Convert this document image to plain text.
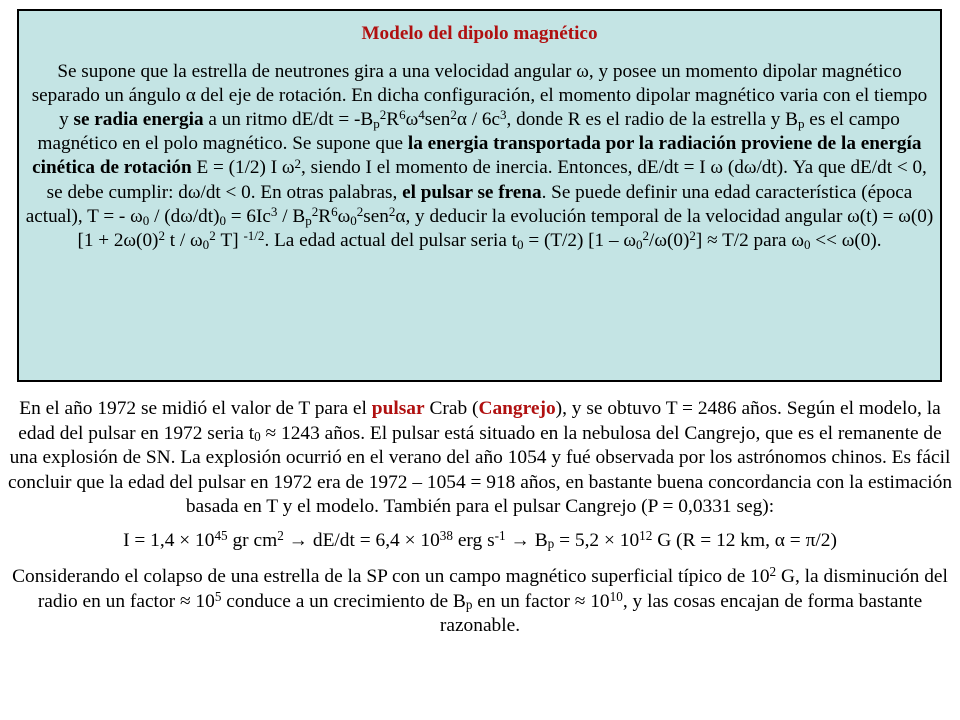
Modelo del dipolo magnético

Se supone que la estrella de neutrones gira a una velocidad angular ω, y posee un momento dipolar magnético separado un ángulo α del eje de rotación. En dicha configuración, el momento dipolar magnético varia con el tiempo y se radia energia a un ritmo $dE/dt = -B_p^2R^6\omega^4sen^2\alpha / 6c^3$, donde R es el radio de la estrella y $B_p$ es el campo magnético en el polo magnético. Se supone que la energia transportada por la radiación proviene de la energía cinética de rotación E = (1/2) I $\omega^2$, siendo I el momento de inercia. Entonces, dE/dt = I ω (dω/dt). Ya que dE/dt < 0, se debe cumplir: dω/dt < 0. En otras palabras, el pulsar se frena. Se puede definir una edad característica (época actual), T = - $\omega_0 / (d\omega/dt)_0 = 6Ic^3 / B_p^2R^6\omega_0^2sen^2\alpha$, y deducir la evolución temporal de la velocidad angular ω(t) = ω(0) [$1 + 2\omega(0)^2$ t / $\omega_0^2$ T] $^{-1/2}$. La edad actual del pulsar seria $t_0 = (T/2)$ $[1 - \omega_0^2/\omega(0)^2] \approx T/2$ para $\omega_0 << \omega(0)$.

En el año 1972 se midió el valor de T para el pulsar Crab (Cangrejo), y se obtuvo T = 2486 años. Según el modelo, la edad del pulsar en 1972 seria $t_0 \approx 1243$ años. El pulsar está situado en la nebulosa del Cangrejo, que es el remanente de una explosión de SN. La explosión ocurrió en el verano del año 1054 y fué observada por los astrónomos chinos. Es fácil concluir que la edad del pulsar en 1972 era de 1972 – 1054 = 918 años, en bastante buena concordancia con la estimación basada en T y el modelo. También para el pulsar Cangrejo (P = 0,0331 seg):

$I = 1,4 \times 10^{45}$ gr $cm^2 \to dE/dt = 6,4 \times 10^{38}$ erg $s^{-1} \to B_p = 5,2 \times 10^{12}$ G (R = 12 km, α = π/2)

Considerando el colapso de una estrella de la SP con un campo magnético superficial típico de $10^2$ G, la disminución del radio en un factor ≈ $10^5$ conduce a un crecimiento de $B_p$ en un factor ≈ $10^{10}$, y las cosas encajan de forma bastante razonable.
